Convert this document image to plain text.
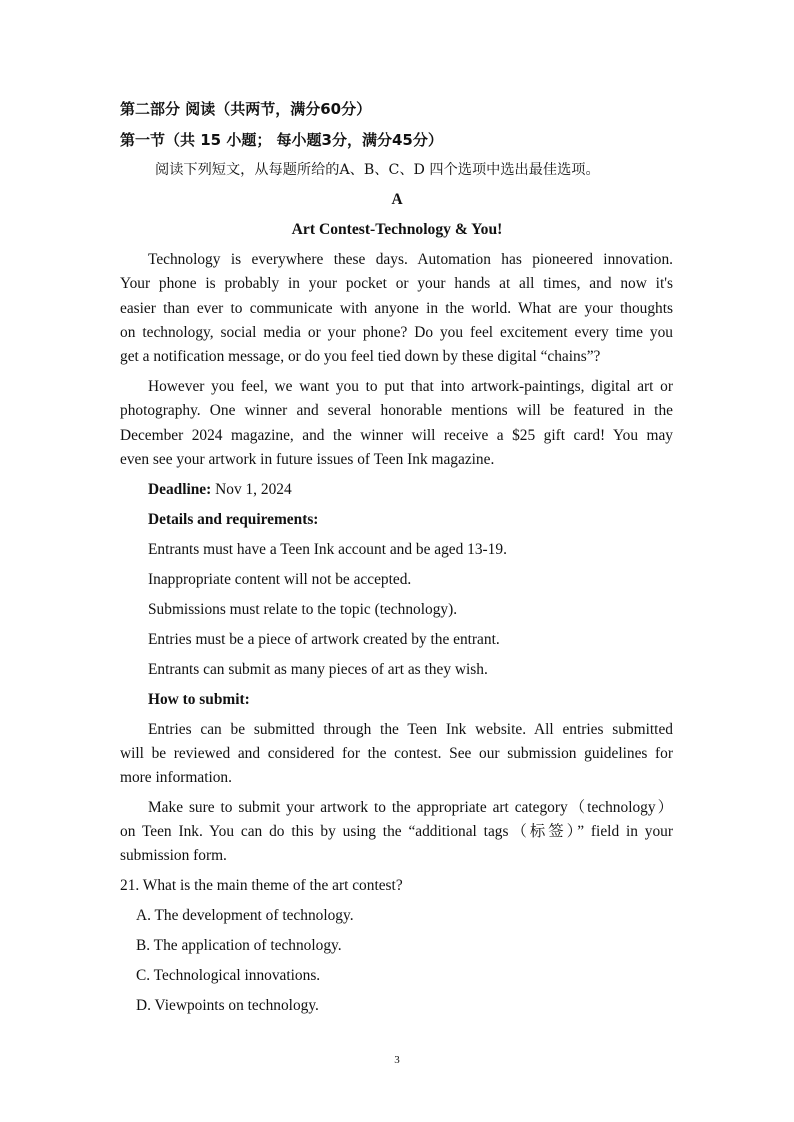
第二部分 阅读（共两节，满分60分）
第一节（共 15 小题； 每小题3分，满分45分）
阅读下列短文，从每题所给的A、B、C、D 四个选项中选出最佳选项。
A
Art Contest-Technology & You!
Technology is everywhere these days. Automation has pioneered innovation.
Your phone is probably in your pocket or your hands at all times, and now it's
easier than ever to communicate with anyone in the world. What are your thoughts
on technology, social media or your phone? Do you feel excitement every time you
get a notification message, or do you feel tied down by these digital “chains”?
However you feel, we want you to put that into artwork-paintings, digital art or
photography. One winner and several honorable mentions will be featured in the
December 2024 magazine, and the winner will receive a $25 gift card! You may
even see your artwork in future issues of Teen Ink magazine.
Deadline: Nov 1, 2024
Details and requirements:
Entrants must have a Teen Ink account and be aged 13-19.
Inappropriate content will not be accepted.
Submissions must relate to the topic (technology).
Entries must be a piece of artwork created by the entrant.
Entrants can submit as many pieces of art as they wish.
How to submit:
Entries can be submitted through the Teen Ink website. All entries submitted
will be reviewed and considered for the contest. See our submission guidelines for
more information.
Make sure to submit your artwork to the appropriate art category（technology）
on Teen Ink. You can do this by using the “additional tags（标签）” field in your
submission form.
21. What is the main theme of the art contest?
A. The development of technology.
B. The application of technology.
C. Technological innovations.
D. Viewpoints on technology.
3
